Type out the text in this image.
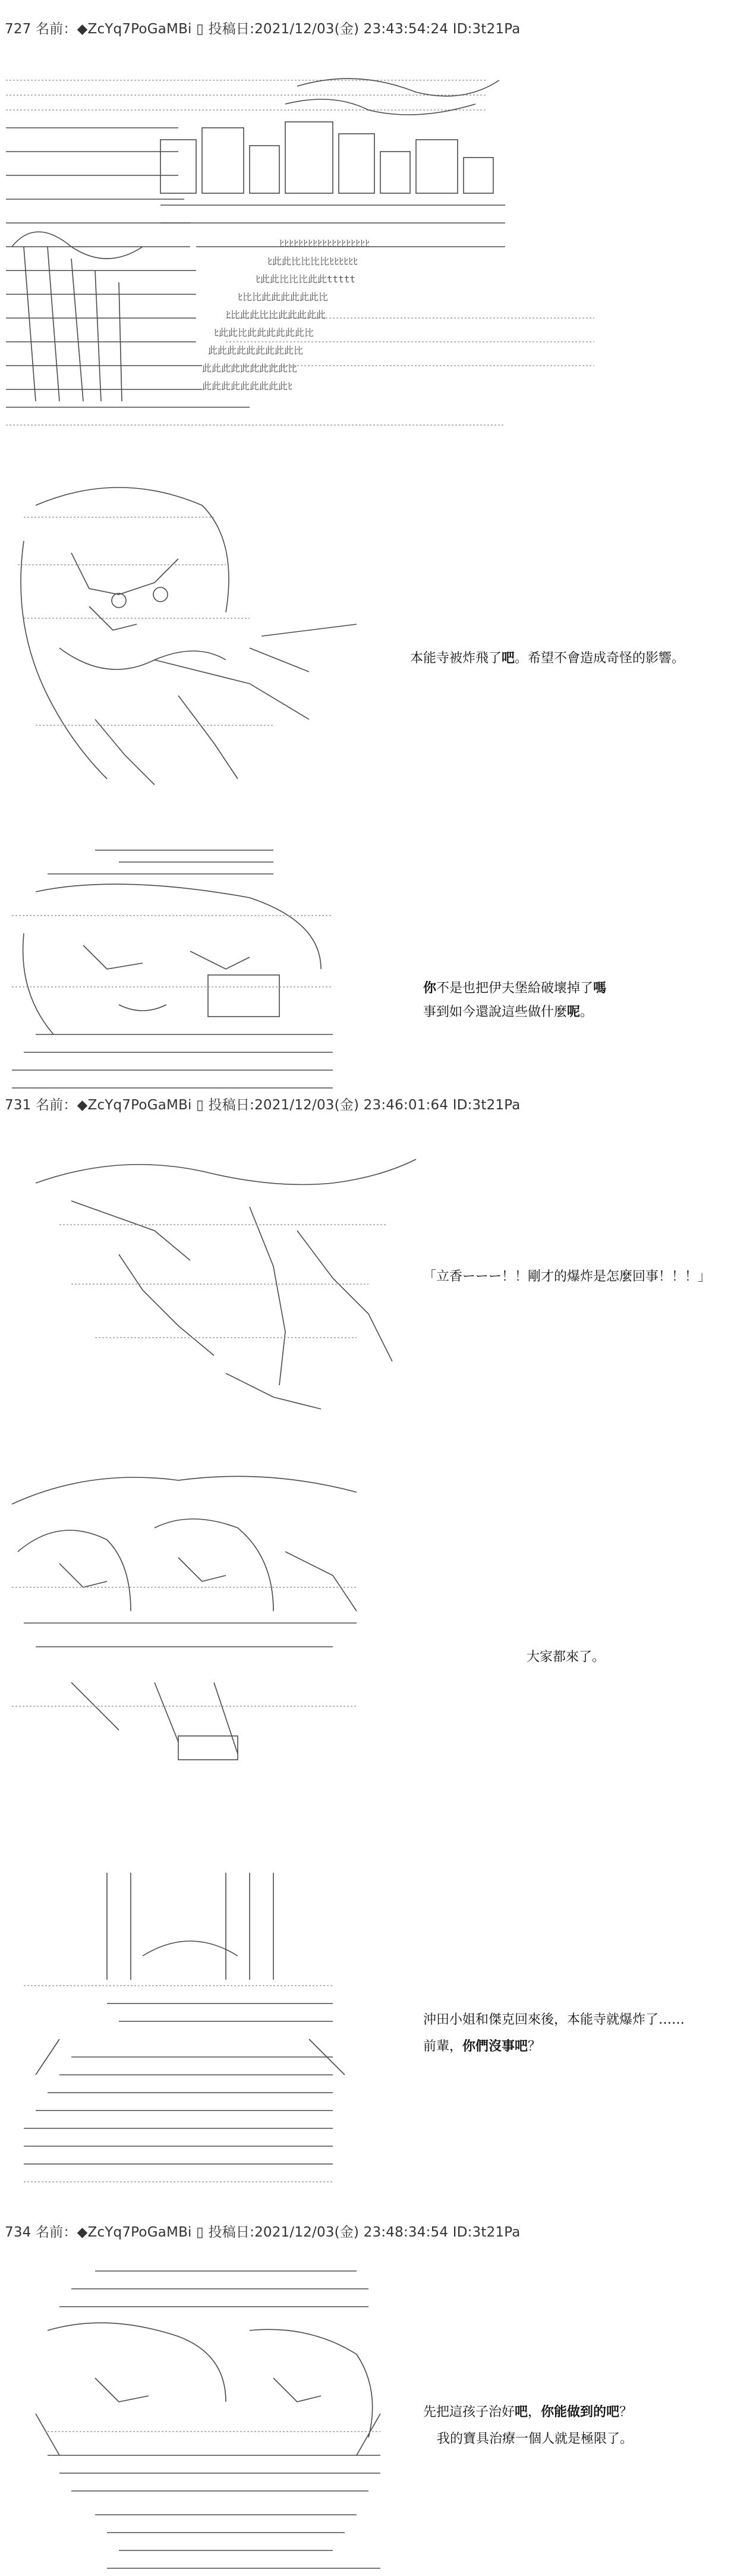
727 名前：◆ZcYq7PoGaMBi ▯ 投稿日:2021/12/03(金) 23:43:54:24 ID:3t21Pa
ﾋﾋﾋﾋﾋﾋﾋﾋﾋﾋﾋﾋﾋﾋﾋﾋﾋﾋﾋ
ﾋ此此比比比比ﾋﾋﾋﾋﾋﾋ
ﾋ此此比比比此此ttttt
ﾋ比比此此此此此此比
ﾋ比此此比比此此此此此
ﾋ此此比此此此此此此比
此此此此此此此此此比
此此此此此此此此此比
此此此此此此此此此ﾋ
本能寺被炸飛了吧。希望不會造成奇怪的影響。
你不是也把伊夫堡給破壞掉了嗎
事到如今還說這些做什麼呢。
731 名前：◆ZcYq7PoGaMBi ▯ 投稿日:2021/12/03(金) 23:46:01:64 ID:3t21Pa
「立香ーーー！！剛才的爆炸是怎麼回事！！！」
大家都來了。
沖田小姐和傑克回來後，本能寺就爆炸了……
前輩，你們沒事吧？
734 名前：◆ZcYq7PoGaMBi ▯ 投稿日:2021/12/03(金) 23:48:34:54 ID:3t21Pa
先把這孩子治好吧，你能做到的吧？
我的寶具治療一個人就是極限了。
